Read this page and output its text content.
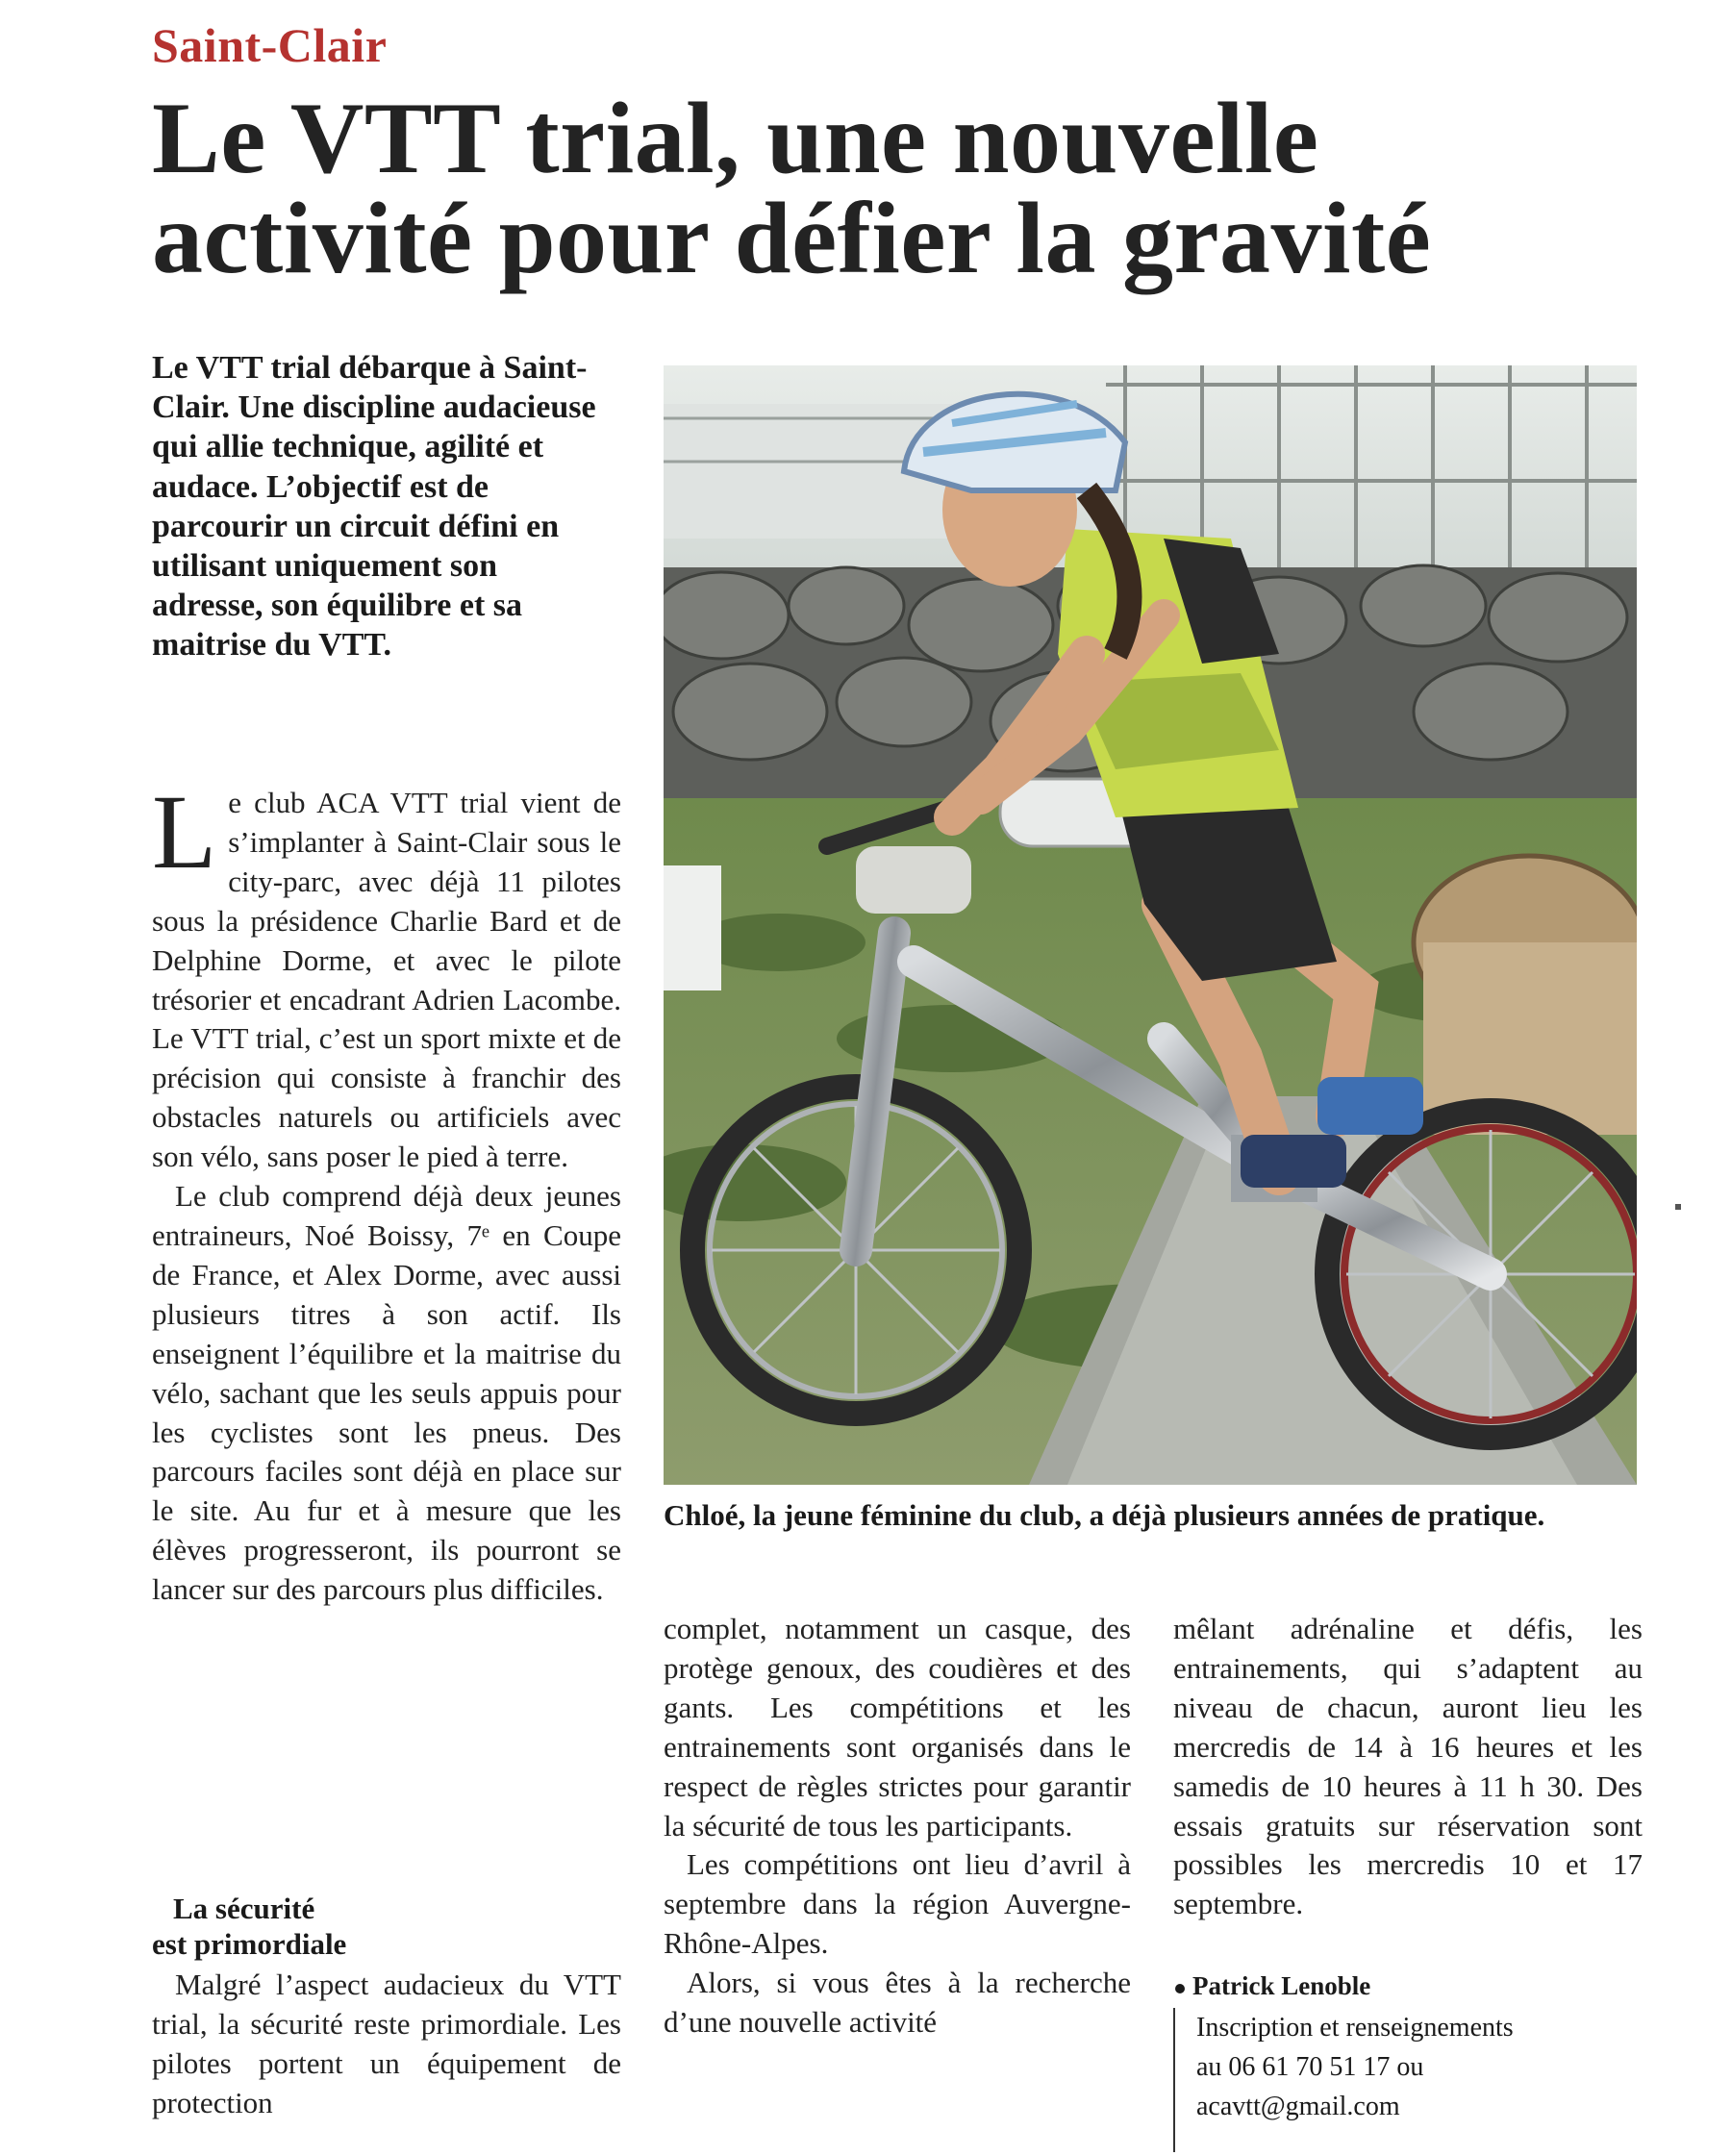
Saint-Clair
Le VTT trial, une nouvelle activité pour défier la gravité
Le VTT trial débarque à Saint-Clair. Une discipline audacieuse qui allie technique, agilité et audace. L’objectif est de parcourir un circuit défini en utilisant uniquement son adresse, son équilibre et sa maitrise du VTT.
L e club ACA VTT trial vient de s’implanter à Saint-Clair sous le city-parc, avec déjà 11 pilotes sous la présidence Charlie Bard et de Delphine Dorme, et avec le pilote trésorier et encadrant Adrien Lacombe. Le VTT trial, c’est un sport mixte et de précision qui consiste à franchir des obstacles naturels ou artificiels avec son vélo, sans poser le pied à terre.

Le club comprend déjà deux jeunes entraineurs, Noé Boissy, 7ᵉ en Coupe de France, et Alex Dorme, avec aussi plusieurs titres à son actif. Ils enseignent l’équilibre et la maitrise du vélo, sachant que les seuls appuis pour les cyclistes sont les pneus. Des parcours faciles sont déjà en place sur le site. Au fur et à mesure que les élèves progresseront, ils pourront se lancer sur des parcours plus difficiles.

La sécurité
est primordiale

Malgré l’aspect audacieux du VTT trial, la sécurité reste primordiale. Les pilotes portent un équipement de protection

Chloé, la jeune féminine du club, a déjà plusieurs années de pratique.

complet, notamment un casque, des protège genoux, des coudières et des gants. Les compétitions et les entrainements sont organisés dans le respect de règles strictes pour garantir la sécurité de tous les participants.

Les compétitions ont lieu d’avril à septembre dans la région Auvergne-Rhône-Alpes.

Alors, si vous êtes à la recherche d’une nouvelle activité

mêlant adrénaline et défis, les entrainements, qui s’adaptent au niveau de chacun, auront lieu les mercredis de 14 à 16 heures et les samedis de 10 heures à 11 h 30. Des essais gratuits sur réservation sont possibles les mercredis 10 et 17 septembre.

Patrick Lenoble
Inscription et renseignements
au 06 61 70 51 17 ou
acavtt@gmail.com
